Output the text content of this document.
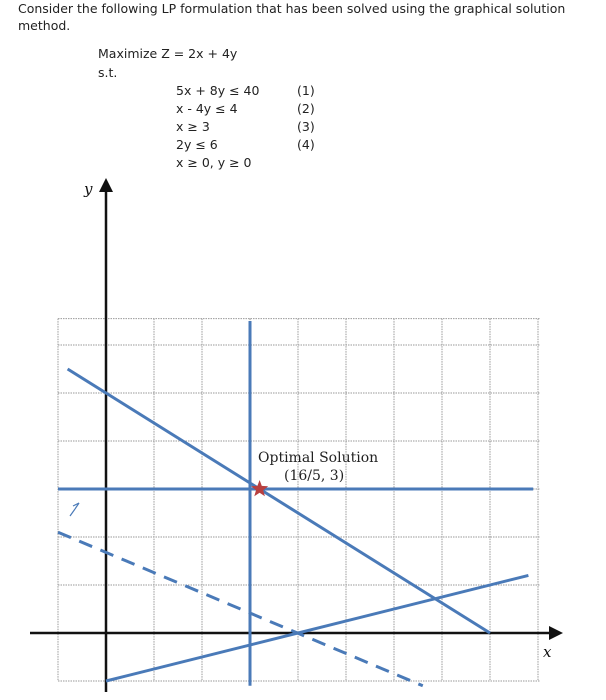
Consider the following LP formulation that has been solved using the graphical solution method.

Maximize Z = 2x + 4y
s.t.
5x + 8y ≤ 40	(1)
x - 4y ≤ 4	(2)
x ≥ 3	(3)
2y ≤ 6	(4)
x ≥ 0, y ≥ 0
y
x
Optimal Solution
(16/5, 3)
